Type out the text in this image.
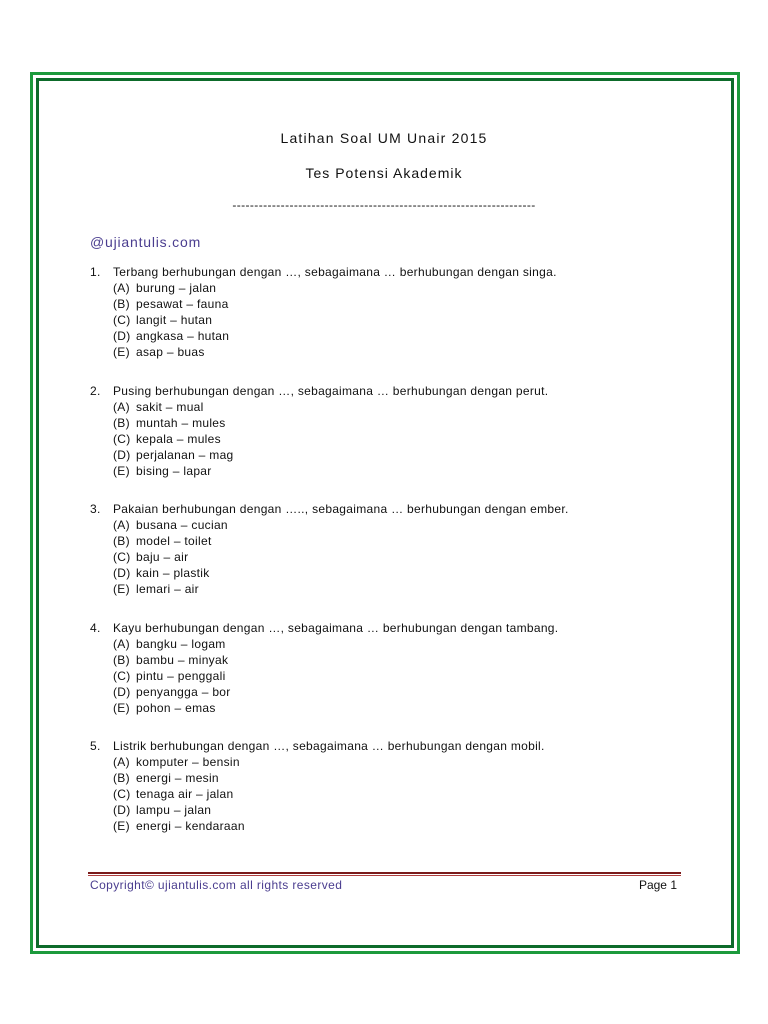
Latihan Soal UM Unair 2015
Tes Potensi Akademik
---------------------------------------------------------------------
@ujiantulis.com
1.	Terbang berhubungan dengan …, sebagaimana … berhubungan dengan singa.
(A) burung – jalan
(B) pesawat – fauna
(C) langit – hutan
(D) angkasa – hutan
(E) asap – buas
2.	Pusing berhubungan dengan …, sebagaimana … berhubungan dengan perut.
(A) sakit – mual
(B) muntah – mules
(C) kepala – mules
(D) perjalanan – mag
(E) bising – lapar
3.	Pakaian berhubungan dengan ….., sebagaimana … berhubungan dengan ember.
(A) busana – cucian
(B) model – toilet
(C) baju – air
(D) kain – plastik
(E) lemari – air
4.	Kayu berhubungan dengan …, sebagaimana … berhubungan dengan tambang.
(A) bangku – logam
(B) bambu – minyak
(C) pintu – penggali
(D) penyangga – bor
(E) pohon – emas
5.	Listrik berhubungan dengan …, sebagaimana … berhubungan dengan mobil.
(A) komputer – bensin
(B) energi – mesin
(C) tenaga air – jalan
(D) lampu – jalan
(E) energi – kendaraan
Copyright© ujiantulis.com all rights reserved	Page 1
